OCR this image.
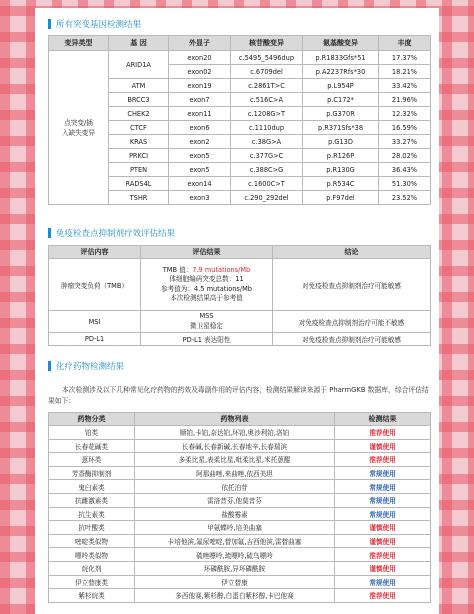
所有突变基因检测结果
变异类型	基 因	外显子	核苷酸变异	氨基酸变异	丰度

点突变/插
入缺失变异	ARID1A	exon20	c.5495_5496dup	p.R1833Gfs*51	17.37%
		exon02	c.6709del	p.A2237Rfs*30	18.21%
	ATM	exon19	c.2861T>C	p.L954P	33.42%
	BRCC3	exon7	c.516C>A	p.C172*	21.96%
	CHEK2	exon11	c.1208G>T	p.G370R	12.32%
	CTCF	exon6	c.1110dup	p.R371Sfs*38	16.59%
	KRAS	exon2	c.38G>A	p.G13D	33.27%
	PRKCI	exon5	c.377G>C	p.R126P	28.02%
	PTEN	exon5	c.388C>G	p.R130G	36.43%
	RADS4L	exon14	c.1600C>T	p.R534C	51.30%
	TSHR	exon3	c.290_292del	p.F97del	23.52%
免疫检查点抑制剂疗效评估结果
评估内容	评估结果	结论
肿瘤突变负荷（TMB）	TMB 值：7.9 mutations/Mb
体细胞编码突变总数：11
参考值为：4.5 mutations/Mb
本次检测结果高于参考值	对免疫检查点抑制剂治疗可能敏感
MSI	MSS
微卫星稳定	对免疫检查点抑制剂治疗可能不敏感
PD-L1	PD-L1 表达阳性	对免疫检查点抑制剂治疗可能敏感
化疗药物检测结果
本次检测涉及以下几种常见化疗药物的药效及毒副作用的评估内容，检测结果解读来源于 PharmGKB 数据库，综合评估结果如下：
药物分类	药物列表	检测结果
铂类	顺铂,卡铂,奈达铂,环铂,奥沙利铂,洛铂	推荐使用
长春花碱类	长春碱,长春新碱,长春地辛,长春瑞滨	谨慎使用
蒽环类	多柔比星,表柔比星,吡柔比星,米托蒽醌	推荐使用
芳香酶抑制剂	阿那曲唑,来曲唑,依西美坦	常规使用
鬼臼素类	依托泊苷	常规使用
抗雌激素类	雷洛昔芬,他莫昔芬	常规使用
抗生素类	盐酸霉素	常规使用
抗叶酸类	甲氨蝶呤,培美曲塞	谨慎使用
嘧啶类似物	卡培他滨,氟尿嘧啶,替加氟,吉西他滨,雷替曲塞	谨慎使用
嘌呤类似物	硫唑嘌呤,巯嘌呤,硫鸟嘌呤	推荐使用
烷化剂	环磷酰胺,异环磷酰胺	谨慎使用
伊立替康类	伊立替康	常规使用
紫杉烷类	多西他赛,紫杉醇,白蛋白紫杉醇,卡巴他赛	推荐使用
